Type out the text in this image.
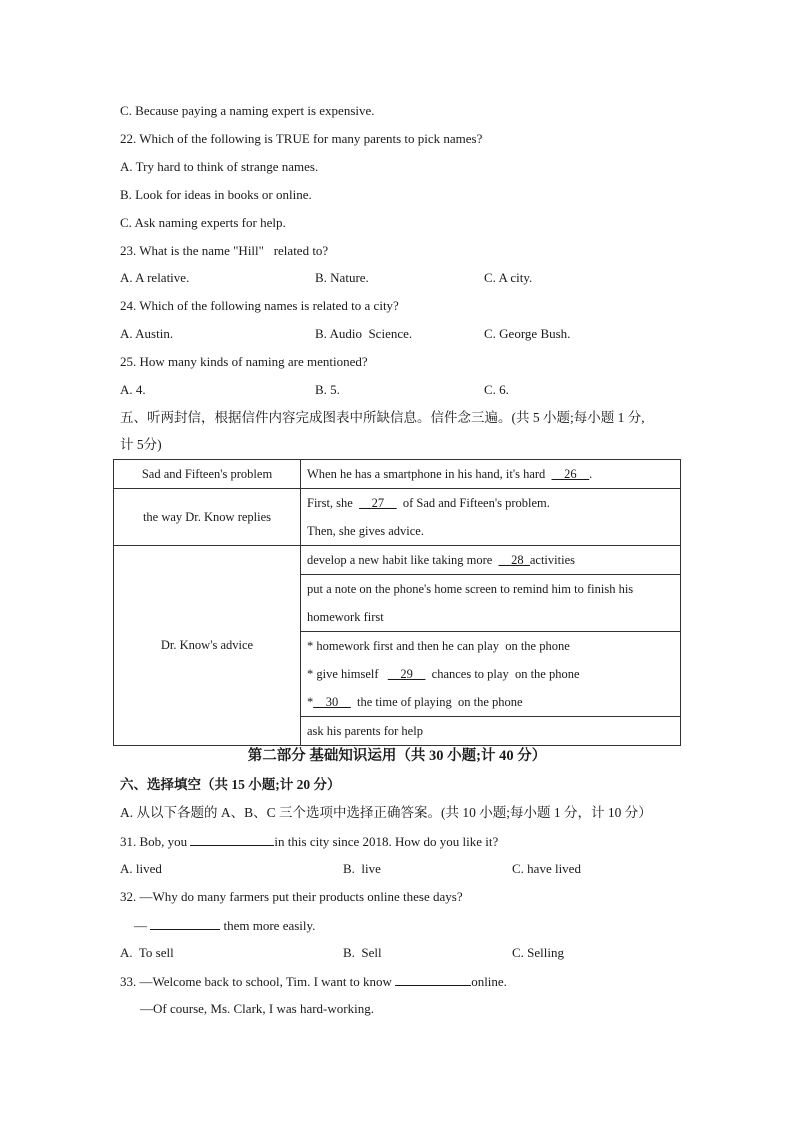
C. Because paying a naming expert is expensive.
22. Which of the following is TRUE for many parents to pick names?
A. Try hard to think of strange names.
B. Look for ideas in books or online.
C. Ask naming experts for help.
23. What is the name "Hill"   related to?
A. A relative.	B. Nature.	C. A city.
24. Which of the following names is related to a city?
A. Austin.	B. Audio  Science.	C. George Bush.
25. How many kinds of naming are mentioned?
A. 4.	B. 5.	C. 6.
五、听两封信，根据信件内容完成图表中所缺信息。信件念三遍。(共 5 小题;每小题 1 分,
计 5分)
Sad and Fifteen's problem	When he has a smartphone in his hand, it's hard  __26__.

the way Dr. Know replies	First, she  __27__  of Sad and Fifteen's problem.
Then, she gives advice.

Dr. Know's advice	develop a new habit like taking more  __28_activities

	put a note on the phone's home screen to remind him to finish his
homework first

	* homework first and then he can play  on the phone
* give himself   __29__  chances to play  on the phone
*__30__  the time of playing  on the phone

	ask his parents for help
第二部分 基础知识运用（共 30 小题;计 40 分）
六、选择填空（共 15 小题;计 20 分）
A. 从以下各题的 A、B、C 三个选项中选择正确答案。(共 10 小题;每小题 1 分，计 10 分）
31. Bob, you	in this city since 2018. How do you like it?
A. lived	B.  live	C. have lived
32. —Why do many farmers put their products online these days?
—	them more easily.
A.  To sell	B.  Sell	C. Selling
33. —Welcome back to school, Tim. I want to know	online.
—Of course, Ms. Clark, I was hard-working.
